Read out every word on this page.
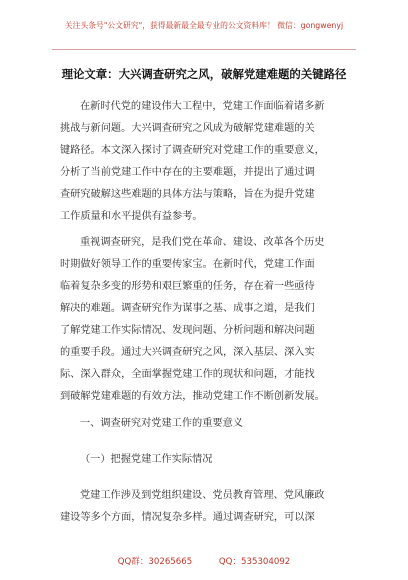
关注头条号"公文研究"，获得最新最全最专业的公文资料库！ 微信：gongwenyj
理论文章：大兴调查研究之风，破解党建难题的关键路径
在新时代党的建设伟大工程中，党建工作面临着诸多新
挑战与新问题。大兴调查研究之风成为破解党建难题的关
键路径。本文深入探讨了调查研究对党建工作的重要意义，
分析了当前党建工作中存在的主要难题，并提出了通过调
查研究破解这些难题的具体方法与策略，旨在为提升党建
工作质量和水平提供有益参考。
重视调查研究，是我们党在革命、建设、改革各个历史
时期做好领导工作的重要传家宝。在新时代，党建工作面
临着复杂多变的形势和艰巨繁重的任务，存在着一些亟待
解决的难题。调查研究作为谋事之基、成事之道，是我们
了解党建工作实际情况、发现问题、分析问题和解决问题
的重要手段。通过大兴调查研究之风，深入基层、深入实
际、深入群众，全面掌握党建工作的现状和问题，才能找
到破解党建难题的有效方法，推动党建工作不断创新发展。
一、调查研究对党建工作的重要意义
（一）把握党建工作实际情况
党建工作涉及到党组织建设、党员教育管理、党风廉政
建设等多个方面，情况复杂多样。通过调查研究，可以深
QQ群：30265665	QQ：535304092
